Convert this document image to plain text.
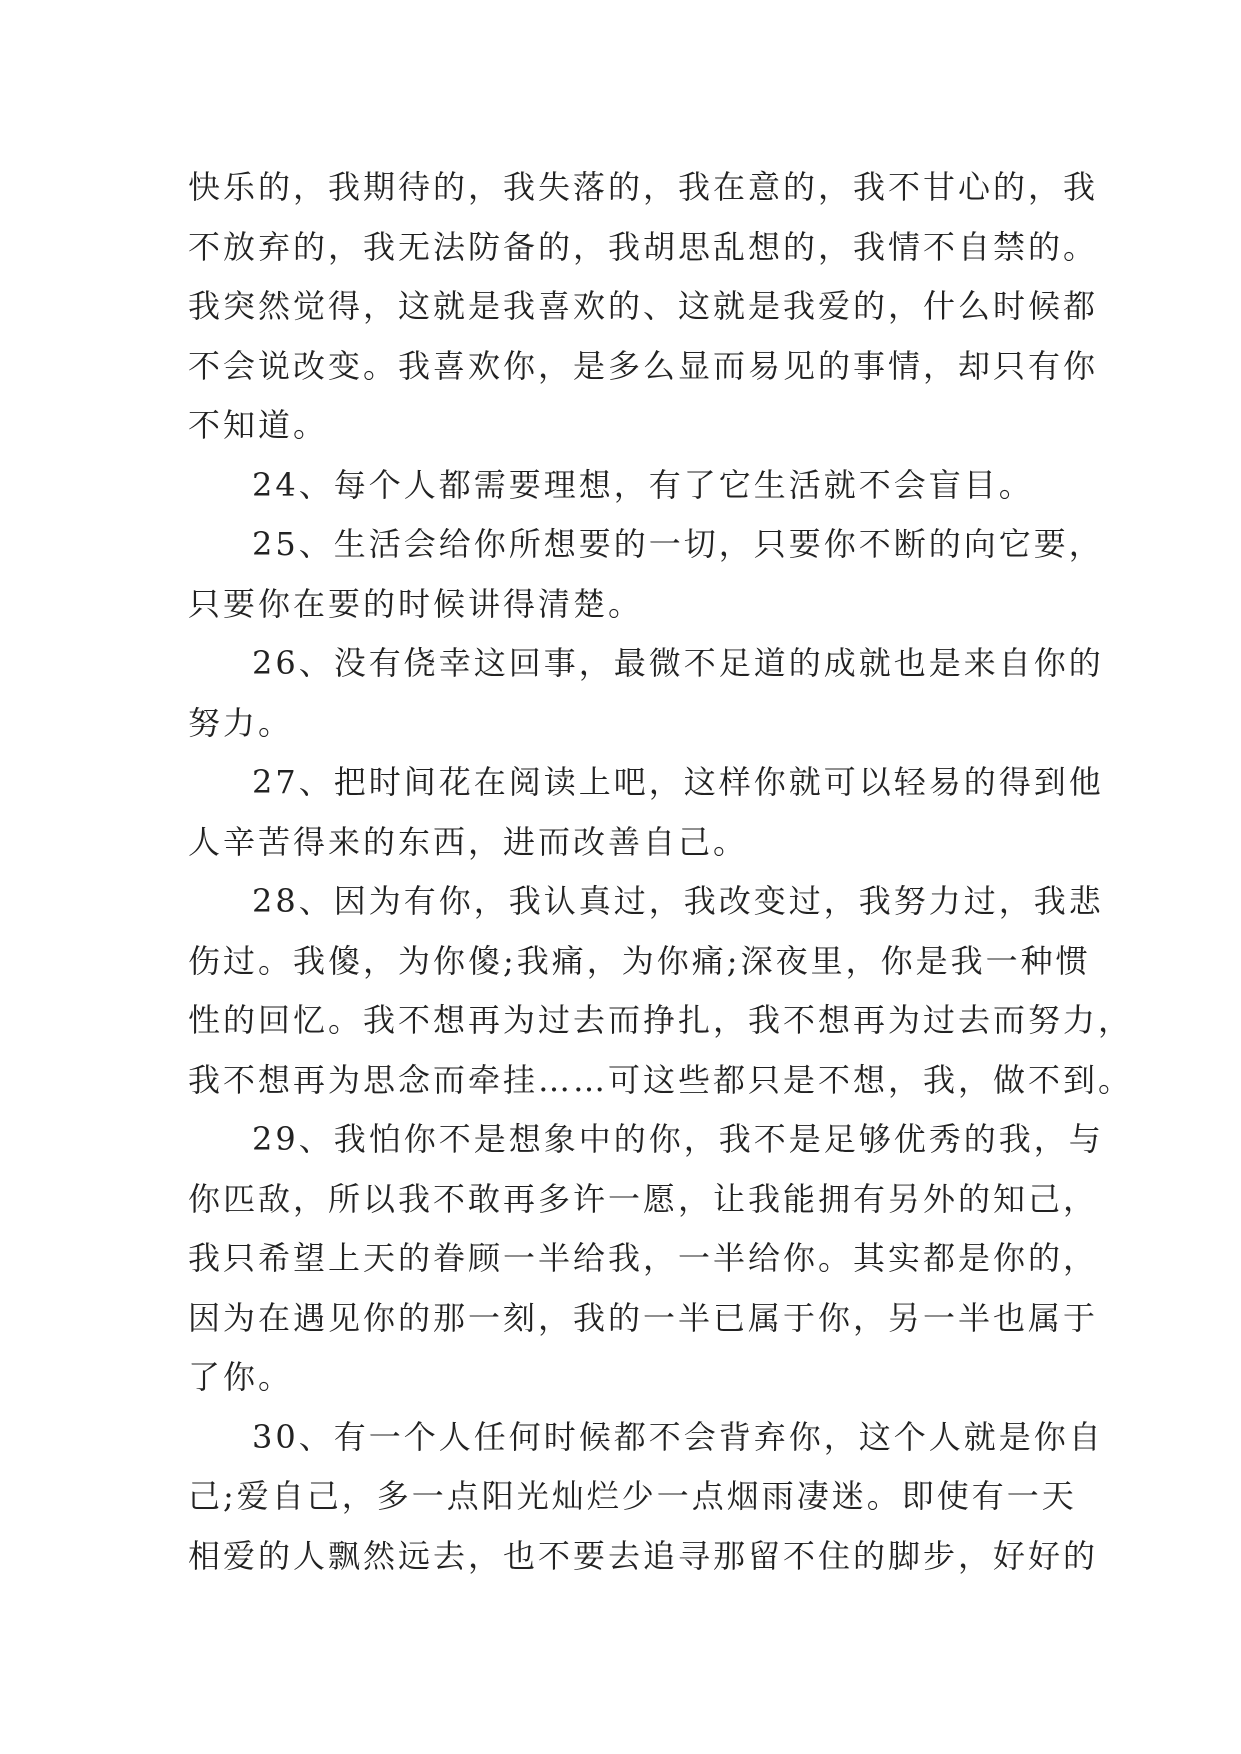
快乐的，我期待的，我失落的，我在意的，我不甘心的，我
不放弃的，我无法防备的，我胡思乱想的，我情不自禁的。
我突然觉得，这就是我喜欢的、这就是我爱的，什么时候都
不会说改变。我喜欢你，是多么显而易见的事情，却只有你
不知道。

24、每个人都需要理想，有了它生活就不会盲目。

25、生活会给你所想要的一切，只要你不断的向它要，
只要你在要的时候讲得清楚。

26、没有侥幸这回事，最微不足道的成就也是来自你的
努力。

27、把时间花在阅读上吧，这样你就可以轻易的得到他
人辛苦得来的东西，进而改善自己。

28、因为有你，我认真过，我改变过，我努力过，我悲
伤过。我傻，为你傻;我痛，为你痛;深夜里，你是我一种惯
性的回忆。我不想再为过去而挣扎，我不想再为过去而努力，
我不想再为思念而牵挂……可这些都只是不想，我，做不到。

29、我怕你不是想象中的你，我不是足够优秀的我，与
你匹敌，所以我不敢再多许一愿，让我能拥有另外的知己，
我只希望上天的眷顾一半给我，一半给你。其实都是你的，
因为在遇见你的那一刻，我的一半已属于你，另一半也属于
了你。

30、有一个人任何时候都不会背弃你，这个人就是你自
己;爱自己，多一点阳光灿烂少一点烟雨凄迷。即使有一天
相爱的人飘然远去，也不要去追寻那留不住的脚步，好好的
